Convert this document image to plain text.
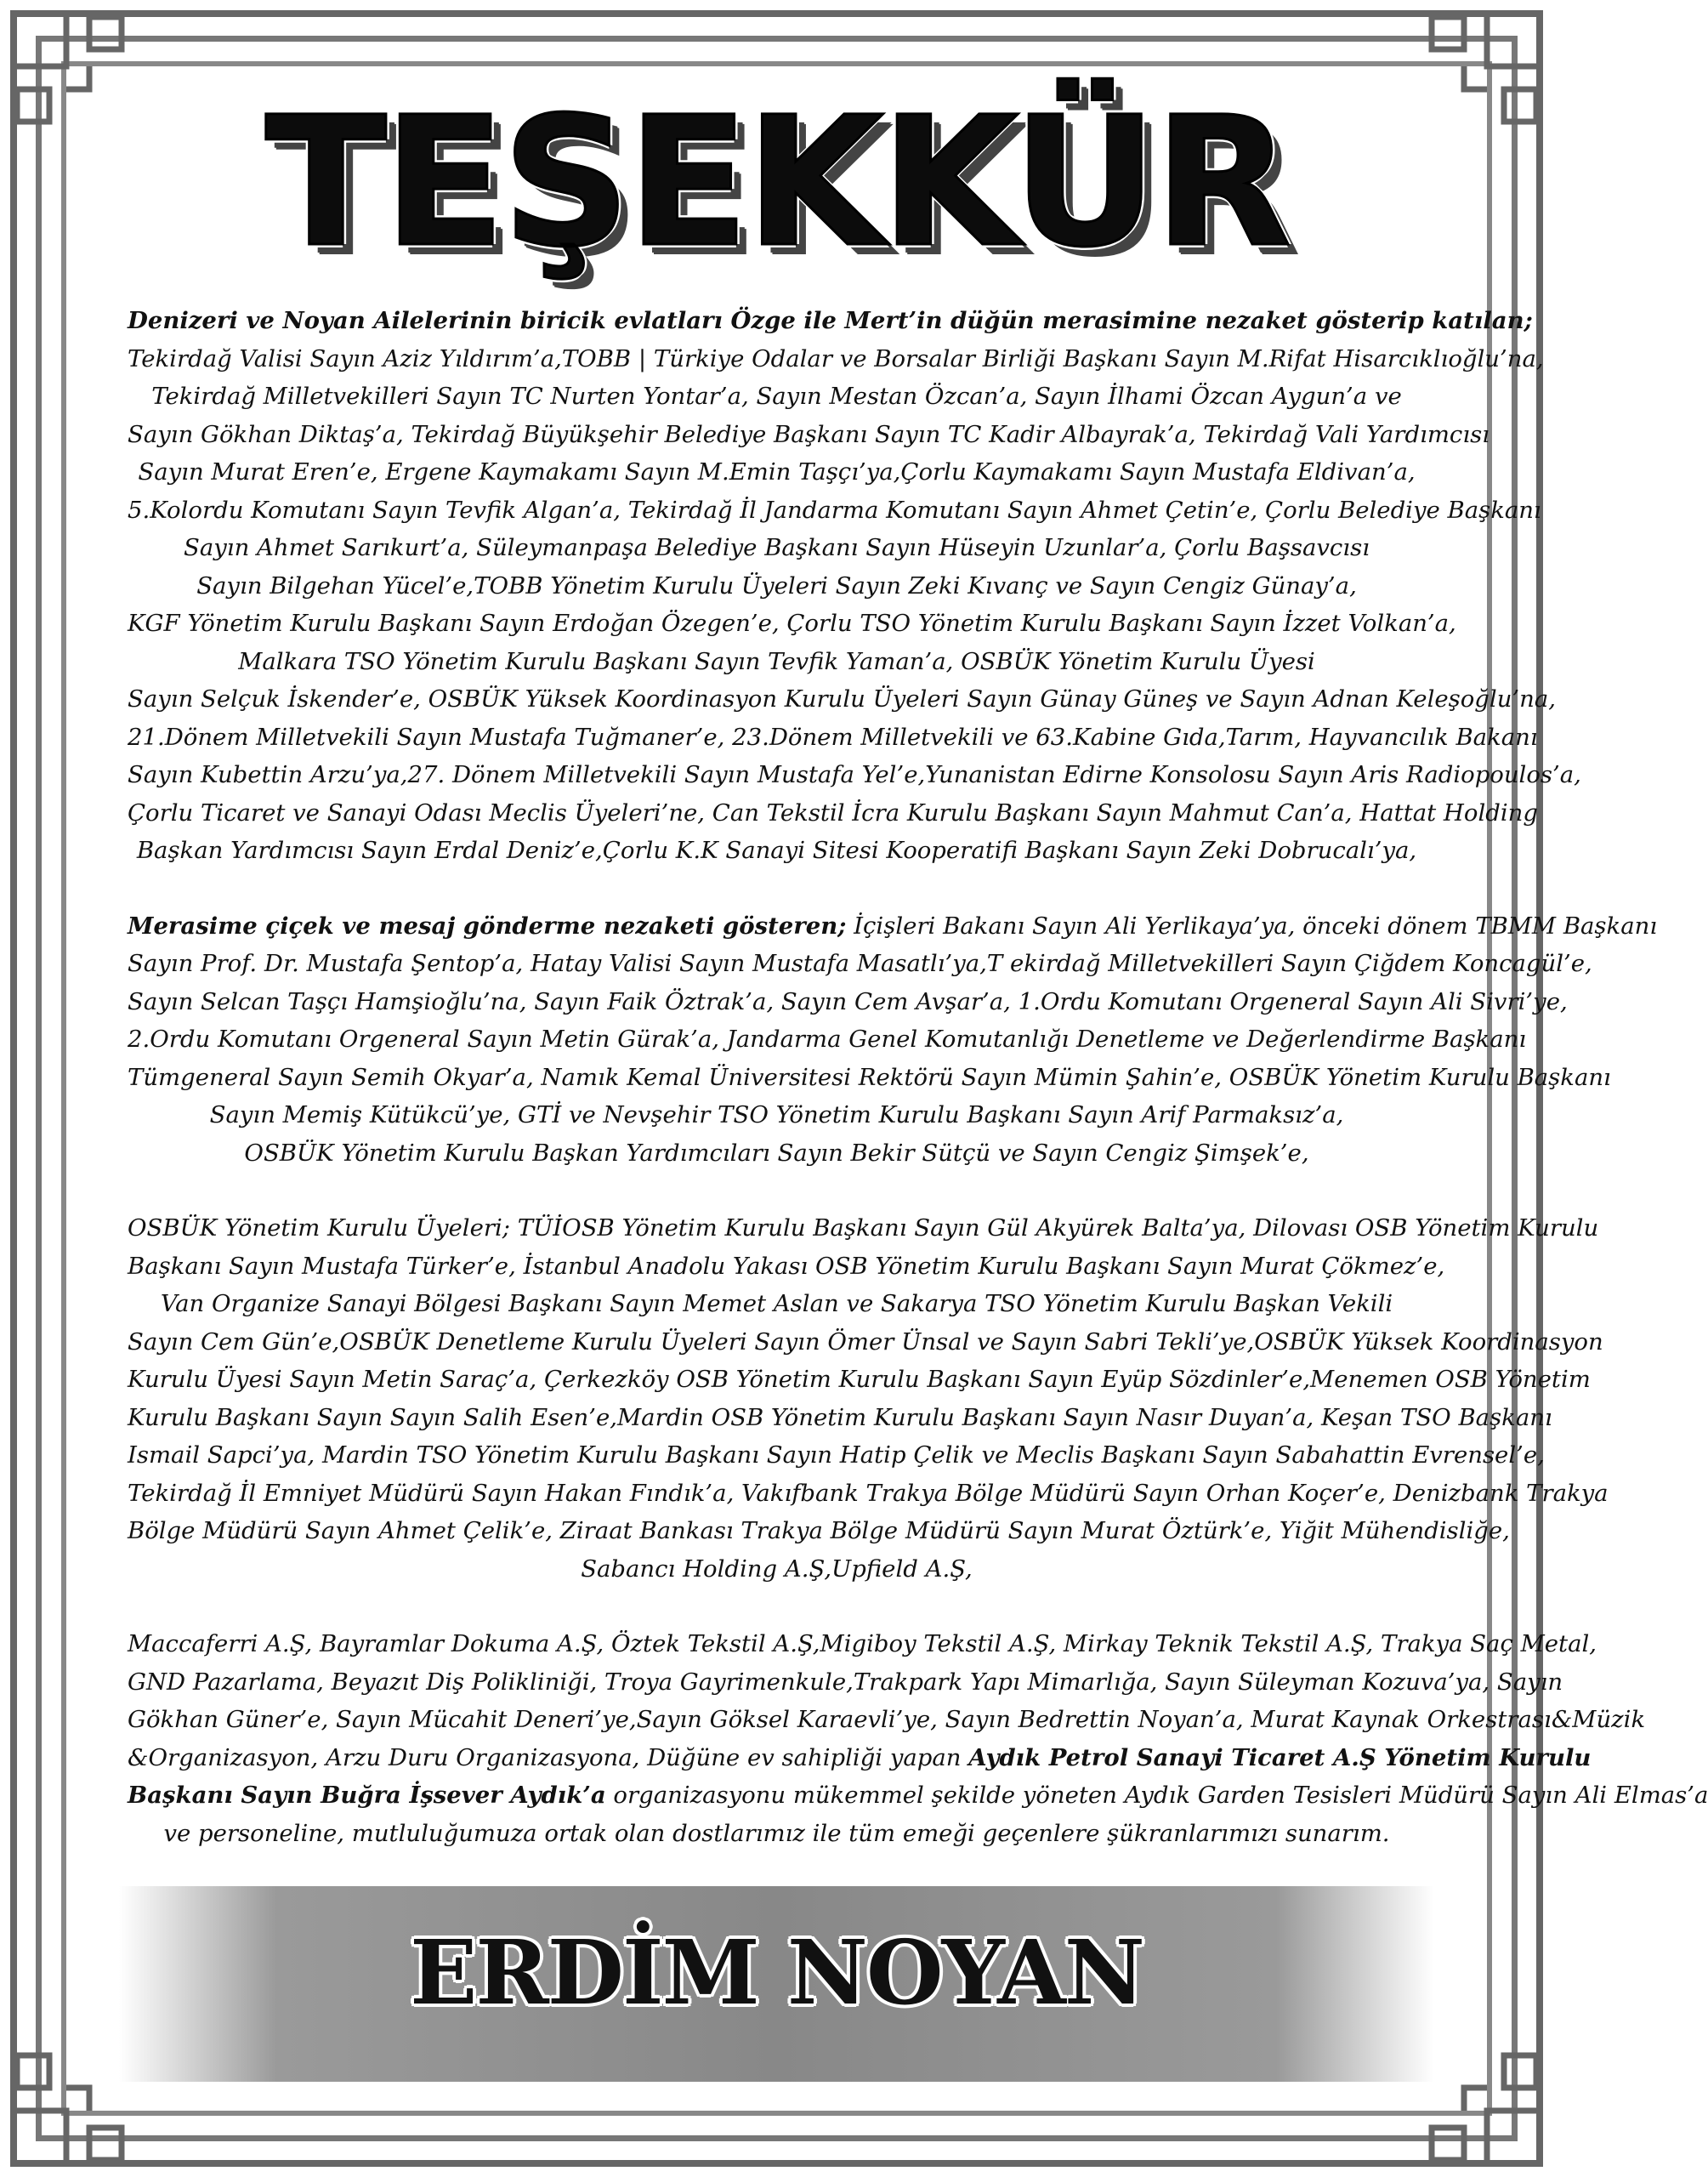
TEŞEKKÜR

Denizeri ve Noyan Ailelerinin biricik evlatları Özge ile Mert’in düğün merasimine nezaket gösterip katılan;

Tekirdağ Valisi Sayın Aziz Yıldırım’a,TOBB | Türkiye Odalar ve Borsalar Birliği Başkanı Sayın M.Rifat Hisarcıklıoğlu’na,

Tekirdağ Milletvekilleri Sayın TC Nurten Yontar’a, Sayın Mestan Özcan’a, Sayın İlhami Özcan Aygun’a ve

Sayın Gökhan Diktaş’a, Tekirdağ Büyükşehir Belediye Başkanı Sayın TC Kadir Albayrak’a, Tekirdağ Vali Yardımcısı

Sayın Murat Eren’e, Ergene Kaymakamı Sayın M.Emin Taşçı’ya,Çorlu Kaymakamı Sayın Mustafa Eldivan’a,

5.Kolordu Komutanı Sayın Tevfik Algan’a, Tekirdağ İl Jandarma Komutanı Sayın Ahmet Çetin’e, Çorlu Belediye Başkanı

Sayın Ahmet Sarıkurt’a, Süleymanpaşa Belediye Başkanı Sayın Hüseyin Uzunlar’a, Çorlu Başsavcısı

Sayın Bilgehan Yücel’e,TOBB Yönetim Kurulu Üyeleri Sayın Zeki Kıvanç ve Sayın Cengiz Günay’a,

KGF Yönetim Kurulu Başkanı Sayın Erdoğan Özegen’e, Çorlu TSO Yönetim Kurulu Başkanı Sayın İzzet Volkan’a,

Malkara TSO Yönetim Kurulu Başkanı Sayın Tevfik Yaman’a, OSBÜK Yönetim Kurulu Üyesi

Sayın Selçuk İskender’e, OSBÜK Yüksek Koordinasyon Kurulu Üyeleri Sayın Günay Güneş ve Sayın Adnan Keleşoğlu’na,

21.Dönem Milletvekili Sayın Mustafa Tuğmaner’e, 23.Dönem Milletvekili ve 63.Kabine Gıda,Tarım, Hayvancılık Bakanı

Sayın Kubettin Arzu’ya,27. Dönem Milletvekili Sayın Mustafa Yel’e,Yunanistan Edirne Konsolosu Sayın Aris Radiopoulos’a,

Çorlu Ticaret ve Sanayi Odası Meclis Üyeleri’ne, Can Tekstil İcra Kurulu Başkanı Sayın Mahmut Can’a, Hattat Holding

Başkan Yardımcısı Sayın Erdal Deniz’e,Çorlu K.K Sanayi Sitesi Kooperatifi Başkanı Sayın Zeki Dobrucalı’ya,

Merasime çiçek ve mesaj gönderme nezaketi gösteren; İçişleri Bakanı Sayın Ali Yerlikaya’ya, önceki dönem TBMM Başkanı

Sayın Prof. Dr. Mustafa Şentop’a, Hatay Valisi Sayın Mustafa Masatlı’ya,T ekirdağ Milletvekilleri Sayın Çiğdem Koncagül’e,

Sayın Selcan Taşçı Hamşioğlu’na, Sayın Faik Öztrak’a, Sayın Cem Avşar’a, 1.Ordu Komutanı Orgeneral Sayın Ali Sivri’ye,

2.Ordu Komutanı Orgeneral Sayın Metin Gürak’a, Jandarma Genel Komutanlığı Denetleme ve Değerlendirme Başkanı

Tümgeneral Sayın Semih Okyar’a, Namık Kemal Üniversitesi Rektörü Sayın Mümin Şahin’e, OSBÜK Yönetim Kurulu Başkanı

Sayın Memiş Kütükcü’ye, GTİ ve Nevşehir TSO Yönetim Kurulu Başkanı Sayın Arif Parmaksız’a,

OSBÜK Yönetim Kurulu Başkan Yardımcıları Sayın Bekir Sütçü ve Sayın Cengiz Şimşek’e,

OSBÜK Yönetim Kurulu Üyeleri; TÜİOSB Yönetim Kurulu Başkanı Sayın Gül Akyürek Balta’ya, Dilovası OSB Yönetim Kurulu

Başkanı Sayın Mustafa Türker’e, İstanbul Anadolu Yakası OSB Yönetim Kurulu Başkanı Sayın Murat Çökmez’e,

Van Organize Sanayi Bölgesi Başkanı Sayın Memet Aslan ve Sakarya TSO Yönetim Kurulu Başkan Vekili

Sayın Cem Gün’e,OSBÜK Denetleme Kurulu Üyeleri Sayın Ömer Ünsal ve Sayın Sabri Tekli’ye,OSBÜK Yüksek Koordinasyon

Kurulu Üyesi Sayın Metin Saraç’a, Çerkezköy OSB Yönetim Kurulu Başkanı Sayın Eyüp Sözdinler’e,Menemen OSB Yönetim

Kurulu Başkanı Sayın Sayın Salih Esen’e,Mardin OSB Yönetim Kurulu Başkanı Sayın Nasır Duyan’a, Keşan TSO Başkanı

Ismail Sapci’ya, Mardin TSO Yönetim Kurulu Başkanı Sayın Hatip Çelik ve Meclis Başkanı Sayın Sabahattin Evrensel’e,

Tekirdağ İl Emniyet Müdürü Sayın Hakan Fındık’a, Vakıfbank Trakya Bölge Müdürü Sayın Orhan Koçer’e, Denizbank Trakya

Bölge Müdürü Sayın Ahmet Çelik’e, Ziraat Bankası Trakya Bölge Müdürü Sayın Murat Öztürk’e, Yiğit Mühendisliğe,

Sabancı Holding A.Ş,Upfield A.Ş,

Maccaferri A.Ş, Bayramlar Dokuma A.Ş, Öztek Tekstil A.Ş,Migiboy Tekstil A.Ş, Mirkay Teknik Tekstil A.Ş, Trakya Saç Metal,

GND Pazarlama, Beyazıt Diş Polikliniği, Troya Gayrimenkule,Trakpark Yapı Mimarlığa, Sayın Süleyman Kozuva’ya, Sayın

Gökhan Güner’e, Sayın Mücahit Deneri’ye,Sayın Göksel Karaevli’ye, Sayın Bedrettin Noyan’a, Murat Kaynak Orkestrası&Müzik

&Organizasyon, Arzu Duru Organizasyona, Düğüne ev sahipliği yapan Aydık Petrol Sanayi Ticaret A.Ş Yönetim Kurulu

Başkanı Sayın Buğra İşsever Aydık’a organizasyonu mükemmel şekilde yöneten Aydık Garden Tesisleri Müdürü Sayın Ali Elmas’a

ve personeline, mutluluğumuza ortak olan dostlarımız ile tüm emeği geçenlere şükranlarımızı sunarım.

ERDİM NOYAN
